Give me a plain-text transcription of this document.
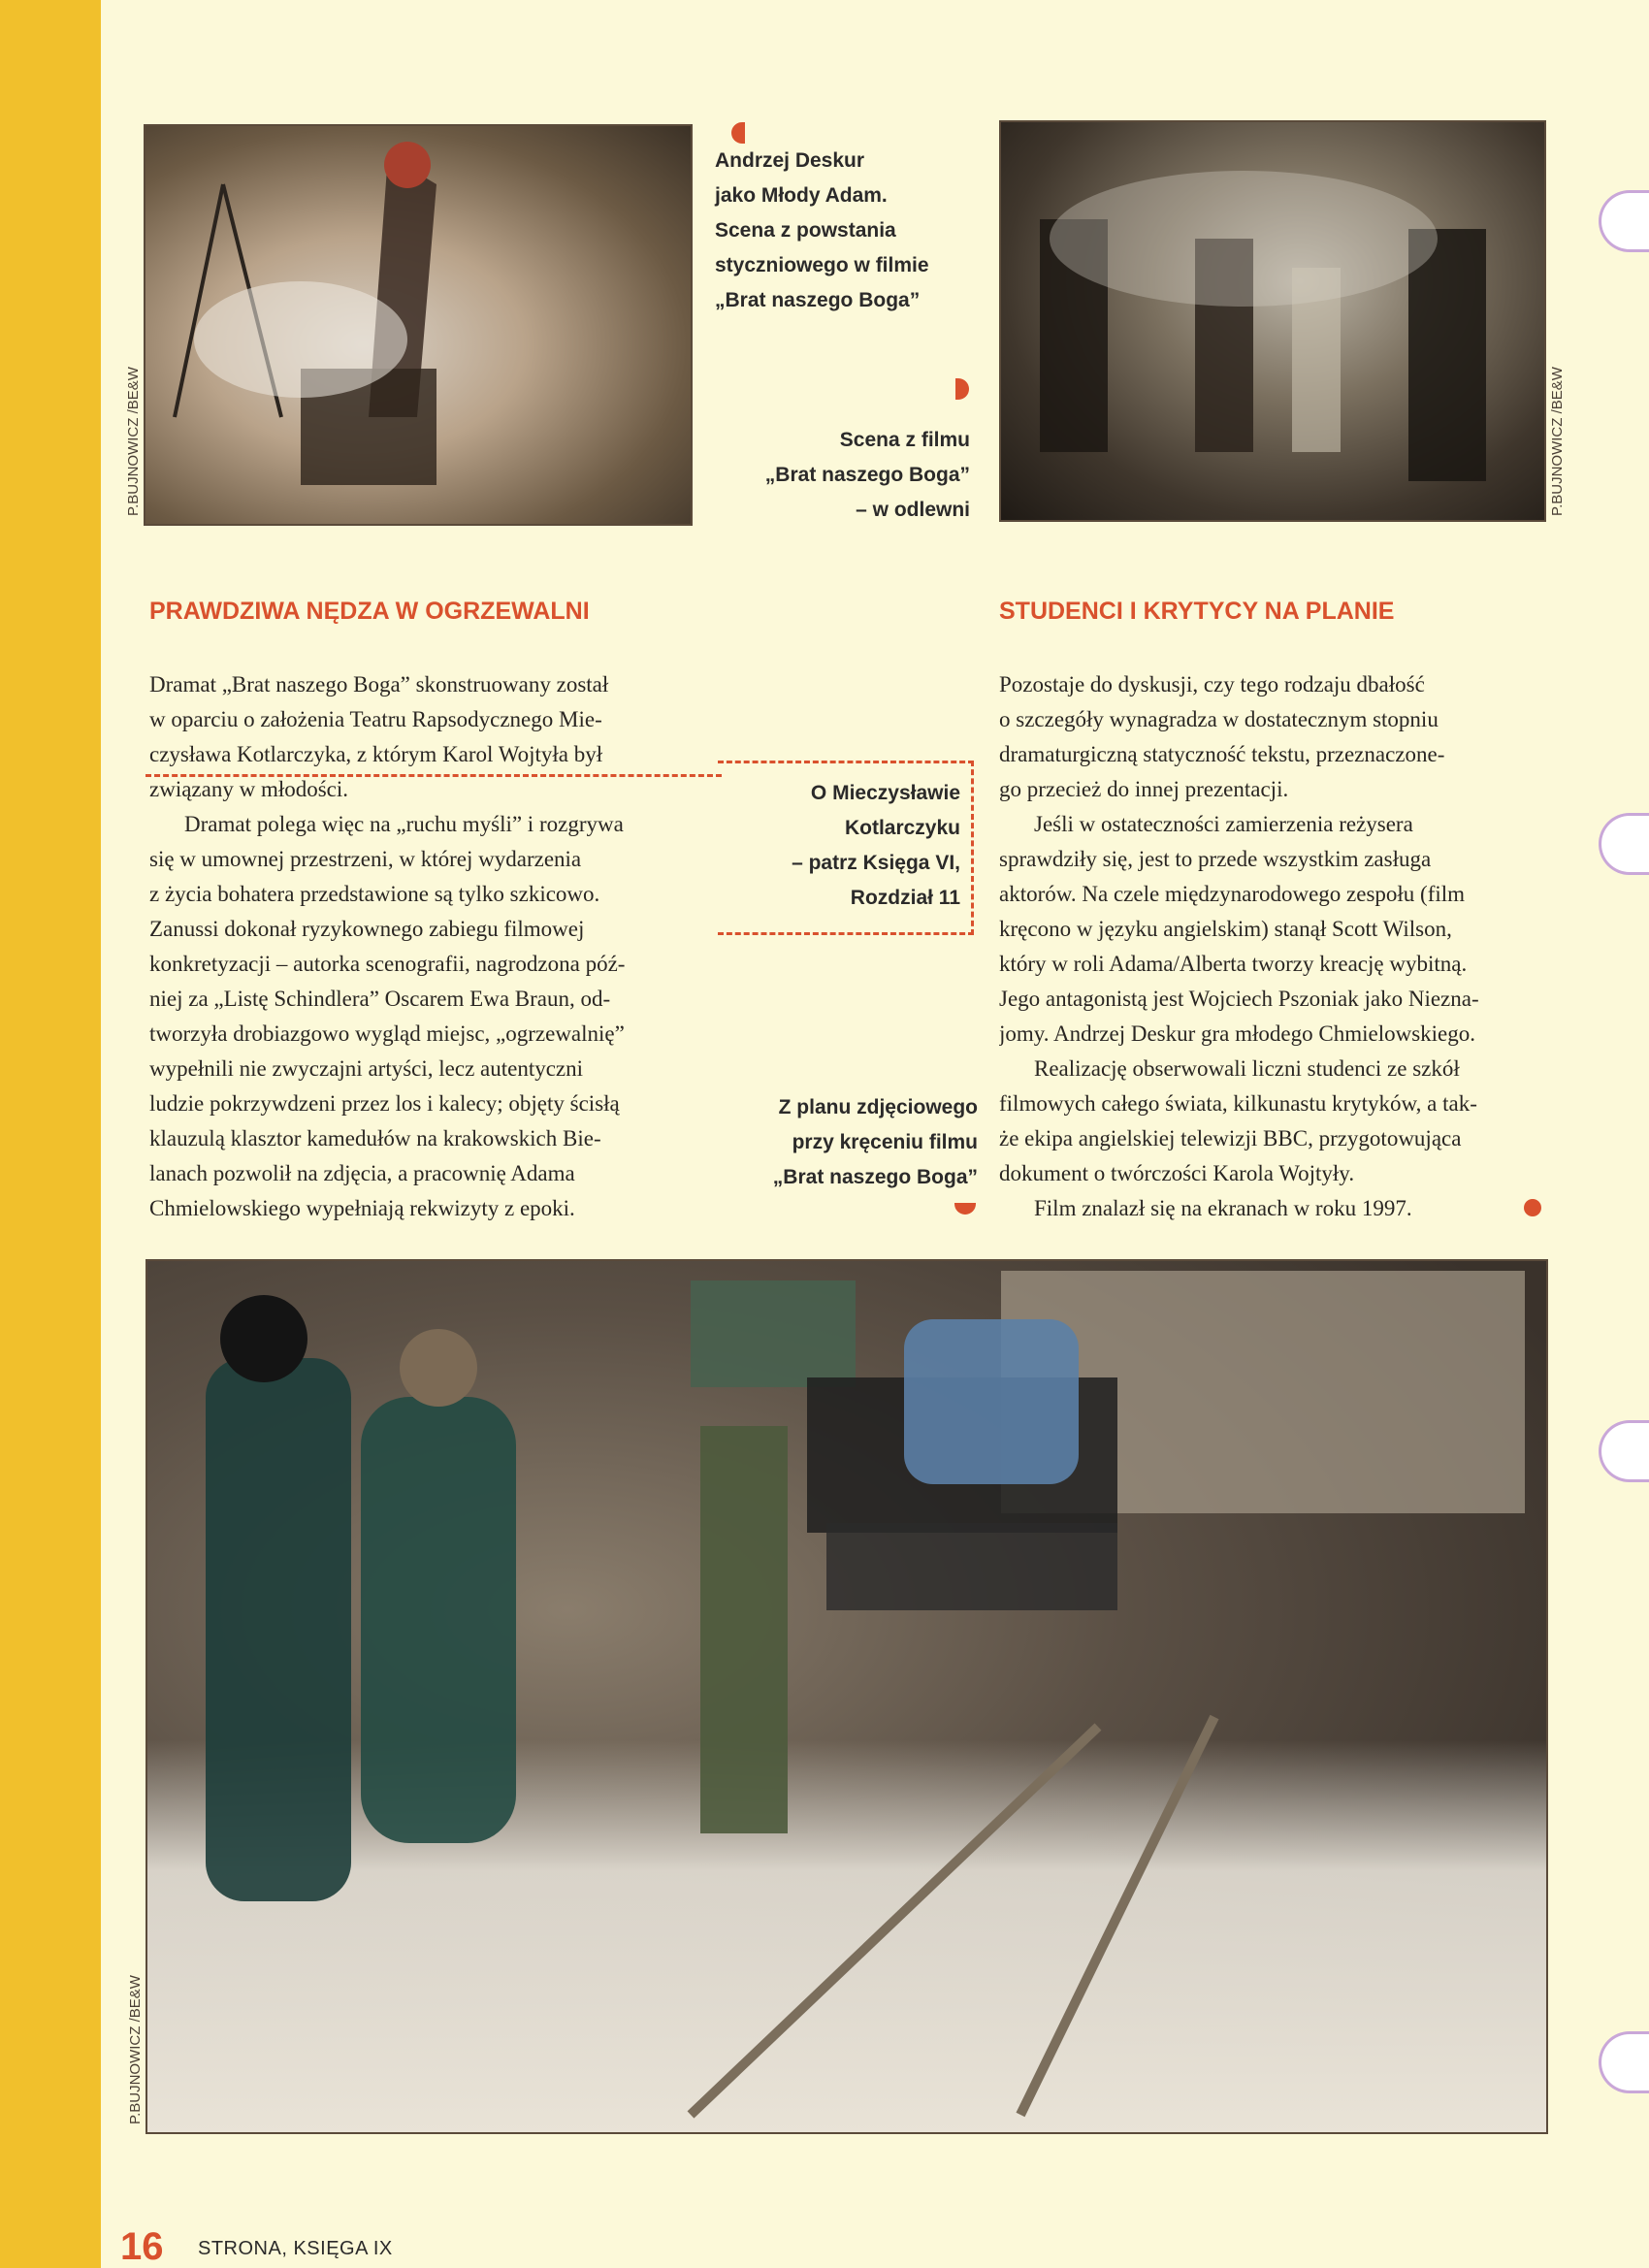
P.BUJNOWICZ /BE&W	P.BUJNOWICZ /BE&W
Andrzej Deskur
jako Młody Adam.
Scena z powstania
styczniowego w filmie
„Brat naszego Boga”
Scena z filmu
„Brat naszego Boga”
– w odlewni
PRAWDZIWA NĘDZA W OGRZEWALNI	STUDENCI I KRYTYCY NA PLANIE
O Mieczysławie
Kotlarczyku
– patrz Księga VI,
Rozdział 11
Dramat „Brat naszego Boga” skonstruowany został
w oparciu o założenia Teatru Rapsodycznego Mie-
czysława Kotlarczyka, z którym Karol Wojtyła był
związany w młodości.
Dramat polega więc na „ruchu myśli” i rozgrywa
się w umownej przestrzeni, w której wydarzenia
z życia bohatera przedstawione są tylko szkicowo.
Zanussi dokonał ryzykownego zabiegu filmowej
konkretyzacji – autorka scenografii, nagrodzona póź-
niej za „Listę Schindlera” Oscarem Ewa Braun, od-
tworzyła drobiazgowo wygląd miejsc, „ogrzewalnię”
wypełnili nie zwyczajni artyści, lecz autentyczni
ludzie pokrzywdzeni przez los i kalecy; objęty ścisłą
klauzulą klasztor kamedułów na krakowskich Bie-
lanach pozwolił na zdjęcia, a pracownię Adama
Chmielowskiego wypełniają rekwizyty z epoki.
Z planu zdjęciowego
przy kręceniu filmu
„Brat naszego Boga”
Pozostaje do dyskusji, czy tego rodzaju dbałość
o szczegóły wynagradza w dostatecznym stopniu
dramaturgiczną statyczność tekstu, przeznaczone-
go przecież do innej prezentacji.
Jeśli w ostateczności zamierzenia reżysera
sprawdziły się, jest to przede wszystkim zasługa
aktorów. Na czele międzynarodowego zespołu (film
kręcono w języku angielskim) stanął Scott Wilson,
który w roli Adama/Alberta tworzy kreację wybitną.
Jego antagonistą jest Wojciech Pszoniak jako Niezna-
jomy. Andrzej Deskur gra młodego Chmielowskiego.
Realizację obserwowali liczni studenci ze szkół
filmowych całego świata, kilkunastu krytyków, a tak-
że ekipa angielskiej telewizji BBC, przygotowująca
dokument o twórczości Karola Wojtyły.
Film znalazł się na ekranach w roku 1997.
P.BUJNOWICZ /BE&W
16 STRONA, KSIĘGA IX
